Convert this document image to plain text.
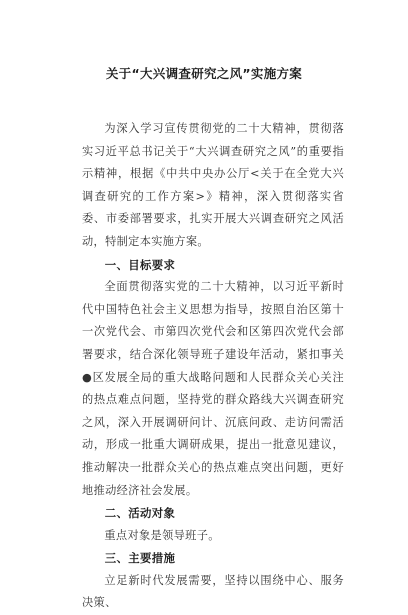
关于“大兴调查研究之风”实施方案

为深入学习宣传贯彻党的二十大精神，贯彻落实习近平总书记关于“大兴调查研究之风”的重要指示精神，根据《中共中央办公厅<关于在全党大兴调查研究的工作方案>》精神，深入贯彻落实省委、市委部署要求，扎实开展大兴调查研究之风活动，特制定本实施方案。

一、目标要求

全面贯彻落实党的二十大精神，以习近平新时代中国特色社会主义思想为指导，按照自治区第十一次党代会、市第四次党代会和区第四次党代会部署要求，结合深化领导班子建设年活动，紧扣事关●区发展全局的重大战略问题和人民群众关心关注的热点难点问题，坚持党的群众路线大兴调查研究之风，深入开展调研问计、沉底问政、走访问需活动，形成一批重大调研成果，提出一批意见建议，推动解决一批群众关心的热点难点突出问题，更好地推动经济社会发展。

二、活动对象

重点对象是领导班子。

三、主要措施

立足新时代发展需要，坚持以围绕中心、服务决策、
